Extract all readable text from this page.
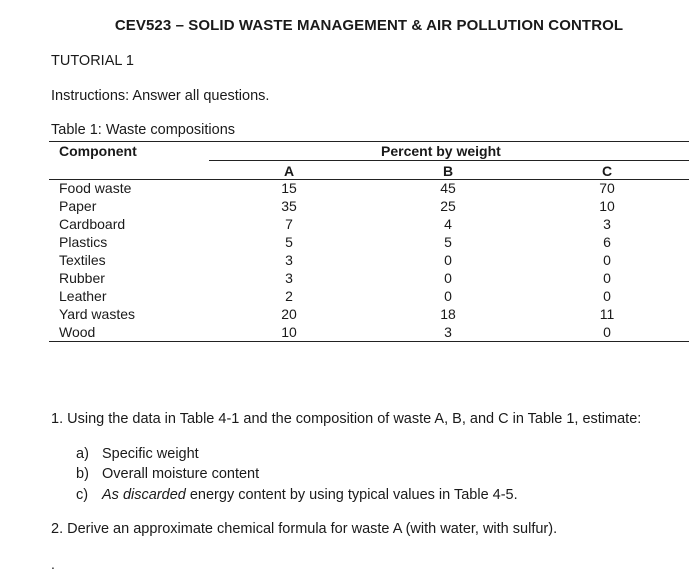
CEV523 – SOLID WASTE MANAGEMENT & AIR POLLUTION CONTROL
TUTORIAL 1
Instructions: Answer all questions.
Table 1: Waste compositions
Component	Percent by weight
A	B	C
Food waste	15	45	70
Paper	35	25	10
Cardboard	7	4	3
Plastics	5	5	6
Textiles	3	0	0
Rubber	3	0	0
Leather	2	0	0
Yard wastes	20	18	11
Wood	10	3	0
1. Using the data in Table 4-1 and the composition of waste A, B, and C in Table 1, estimate:
a) Specific weight
b) Overall moisture content
c) As discarded energy content by using typical values in Table 4-5.
2. Derive an approximate chemical formula for waste A (with water, with sulfur).
.
